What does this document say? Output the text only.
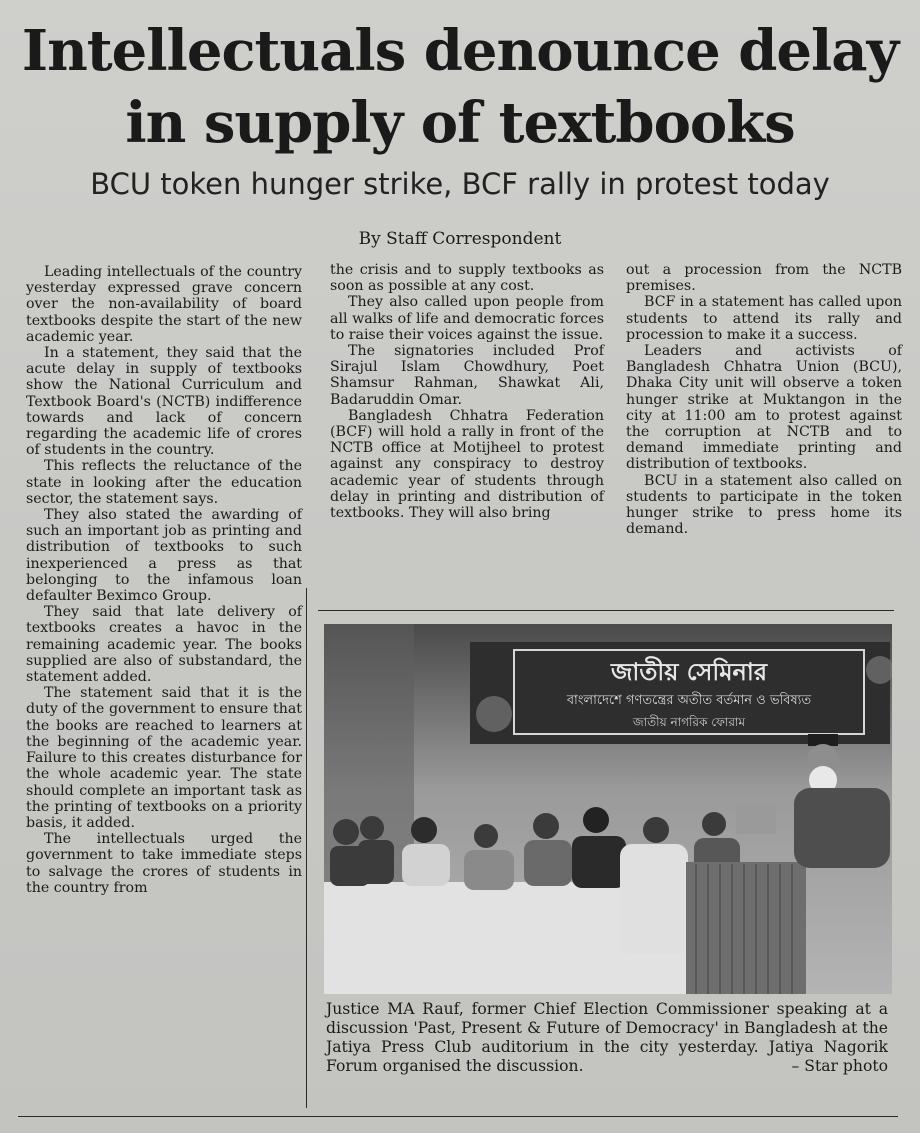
Intellectuals denounce delay
in supply of textbooks
BCU token hunger strike, BCF rally in protest today
By Staff Correspondent

Leading intellectuals of the country yesterday expressed grave concern over the non-availability of board textbooks despite the start of the new academic year.

In a statement, they said that the acute delay in supply of textbooks show the National Curriculum and Textbook Board's (NCTB) indifference towards and lack of concern regarding the academic life of crores of students in the country.

This reflects the reluctance of the state in looking after the education sector, the statement says.

They also stated the awarding of such an important job as printing and distribution of textbooks to such inexperienced a press as that belonging to the infamous loan defaulter Beximco Group.

They said that late delivery of textbooks creates a havoc in the remaining academic year. The books supplied are also of substandard, the statement added.

The statement said that it is the duty of the government to ensure that the books are reached to learners at the beginning of the academic year. Failure to this creates disturbance for the whole academic year. The state should complete an important task as the printing of textbooks on a priority basis, it added.

The intellectuals urged the government to take immediate steps to salvage the crores of students in the country from

the crisis and to supply textbooks as soon as possible at any cost.

They also called upon people from all walks of life and democratic forces to raise their voices against the issue.

The signatories included Prof Sirajul Islam Chowdhury, Poet Shamsur Rahman, Shawkat Ali, Badaruddin Omar.

Bangladesh Chhatra Federation (BCF) will hold a rally in front of the NCTB office at Motijheel to protest against any conspiracy to destroy academic year of students through delay in printing and distribution of textbooks. They will also bring

out a procession from the NCTB premises.

BCF in a statement has called upon students to attend its rally and procession to make it a success.

Leaders and activists of Bangladesh Chhatra Union (BCU), Dhaka City unit will observe a token hunger strike at Muktangon in the city at 11:00 am to protest against the corruption at NCTB and to demand immediate printing and distribution of textbooks.

BCU in a statement also called on students to participate in the token hunger strike to press home its demand.

জাতীয় সেমিনার
বাংলাদেশে গণতন্ত্রের অতীত বর্তমান ও ভবিষ্যত
জাতীয় নাগরিক ফোরাম
Justice MA Rauf, former Chief Election Commissioner speaking at a discussion 'Past, Present & Future of Democracy' in Bangladesh at the Jatiya Press Club auditorium in the city yesterday. Jatiya Nagorik Forum organised the discussion.	– Star photo
